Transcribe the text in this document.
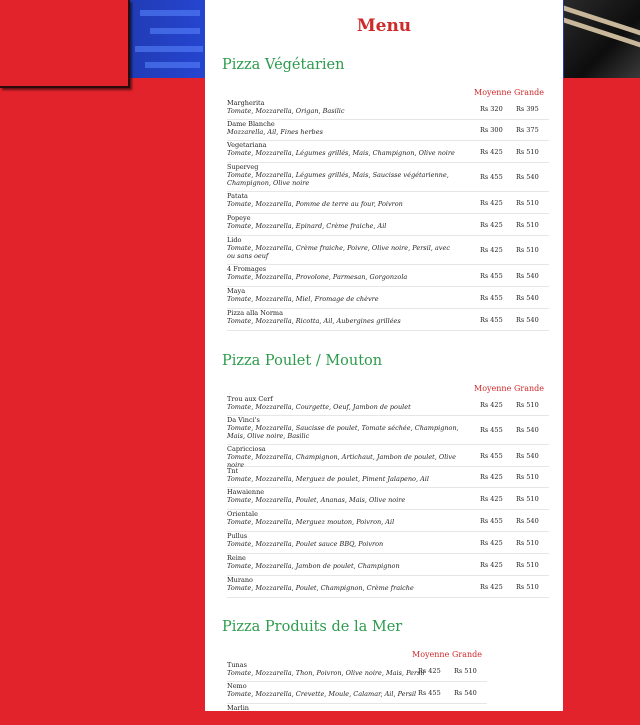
Menu
Pizza Végétarien
Moyenne Grande
Margherita
Tomate, Mozzarella, Origan, Basilic	Rs 320 Rs 395
Dame Blanche
Mozzarella, Ail, Fines herbes	Rs 300 Rs 375
Vegetariana
Tomate, Mozzarella, Légumes grillés, Mais, Champignon, Olive noire	Rs 425 Rs 510
Superveg
Tomate, Mozzarella, Légumes grillés, Mais, Saucisse végétarienne, Champignon, Olive noire
Rs 455 Rs 540
Patata
Tomate, Mozzarella, Pomme de terre au four, Poivron	Rs 425 Rs 510
Popeye
Tomate, Mozzarella, Epinard, Crème fraiche, Ail	Rs 425 Rs 510
Lido
Tomate, Mozzarella, Crème fraiche, Poivre, Olive noire, Persil, avec ou sans oeuf
Rs 425 Rs 510
4 Fromages
Tomate, Mozzarella, Provolone, Parmesan, Gorgonzola	Rs 455 Rs 540
Maya
Tomate, Mozzarella, Miel, Fromage de chèvre	Rs 455 Rs 540
Pizza alla Norma
Tomate, Mozzarella, Ricotta, Ail, Aubergines grillées	Rs 455 Rs 540
Pizza Poulet / Mouton
Moyenne Grande
Trou aux Cerf
Tomate, Mozzarella, Courgette, Oeuf, Jambon de poulet	Rs 425 Rs 510
Da Vinci's
Tomate, Mozzarella, Saucisse de poulet, Tomate séchée, Champignon, Mais, Olive noire, Basilic
Rs 455 Rs 540
Capricciosa
Tomate, Mozzarella, Champignon, Artichaut, Jambon de poulet, Olive noire
Rs 455 Rs 540
Tnt
Tomate, Mozzarella, Merguez de poulet, Piment Jalapeno, Ail	Rs 425 Rs 510
Hawaienne
Tomate, Mozzarella, Poulet, Ananas, Mais, Olive noire	Rs 425 Rs 510
Orientale
Tomate, Mozzarella, Merguez mouton, Poivron, Ail	Rs 455 Rs 540
Pullus
Tomate, Mozzarella, Poulet sauce BBQ, Poivron	Rs 425 Rs 510
Reine
Tomate, Mozzarella, Jambon de poulet, Champignon	Rs 425 Rs 510
Murano
Tomate, Mozzarella, Poulet, Champignon, Crème fraiche	Rs 425 Rs 510
Pizza Produits de la Mer
Moyenne Grande
Tunas
Tomate, Mozzarella, Thon, Poivron, Olive noire, Mais, Persil
Rs 425 Rs 510
Nemo
Tomate, Mozzarella, Crevette, Moule, Calamar, Ail, Persil Rs 455 Rs 540
Marlin
